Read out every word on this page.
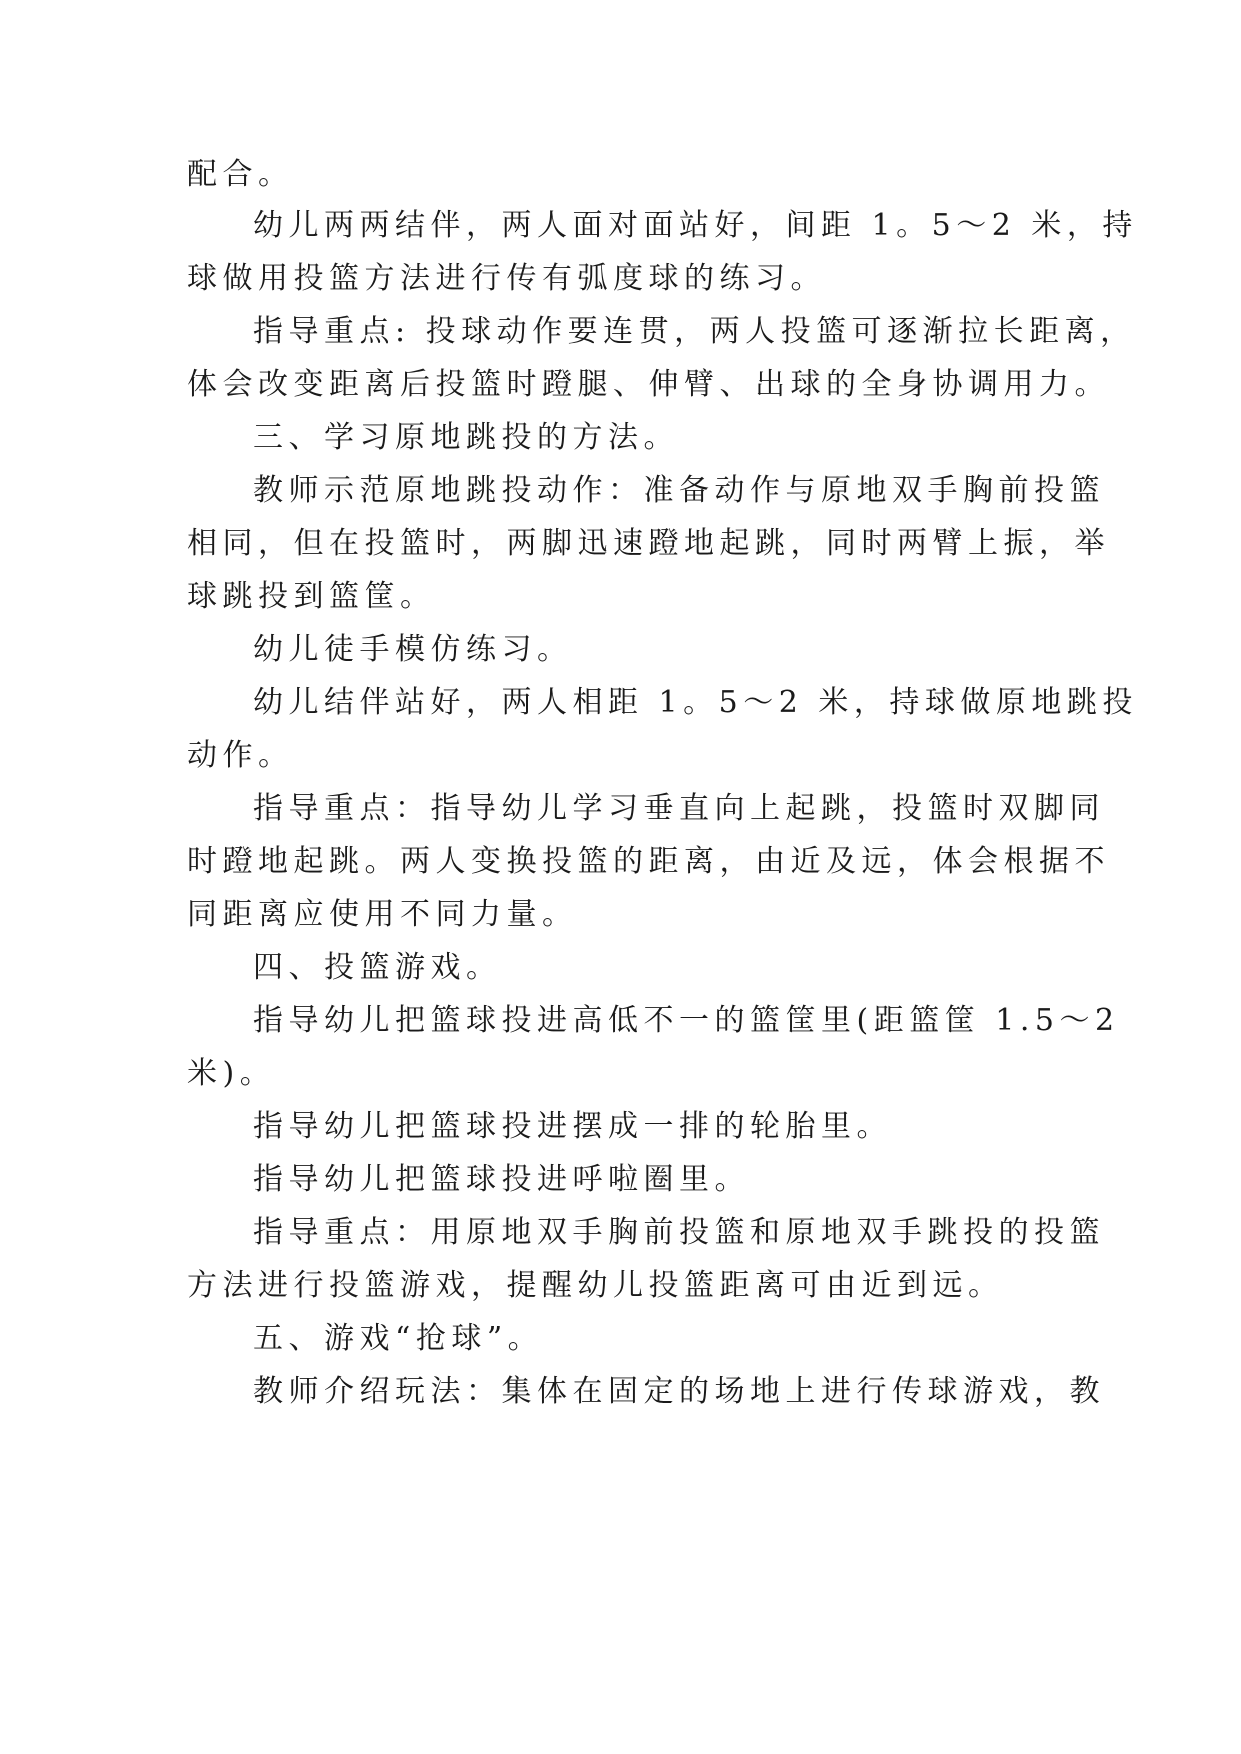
配合。
幼儿两两结伴，两人面对面站好，间距 1。5～2 米，持
球做用投篮方法进行传有弧度球的练习。
指导重点: 投球动作要连贯，两人投篮可逐渐拉长距离，
体会改变距离后投篮时蹬腿、伸臂、出球的全身协调用力。
三、学习原地跳投的方法。
教师示范原地跳投动作：准备动作与原地双手胸前投篮
相同，但在投篮时，两脚迅速蹬地起跳，同时两臂上振，举
球跳投到篮筐。
幼儿徒手模仿练习。
幼儿结伴站好，两人相距 1。5～2 米，持球做原地跳投
动作。
指导重点：指导幼儿学习垂直向上起跳，投篮时双脚同
时蹬地起跳。两人变换投篮的距离，由近及远，体会根据不
同距离应使用不同力量。
四、投篮游戏。
指导幼儿把篮球投进高低不一的篮筐里(距篮筐 1.5～2
米)。
指导幼儿把篮球投进摆成一排的轮胎里。
指导幼儿把篮球投进呼啦圈里。
指导重点：用原地双手胸前投篮和原地双手跳投的投篮
方法进行投篮游戏，提醒幼儿投篮距离可由近到远。
五、游戏“抢球”。
教师介绍玩法：集体在固定的场地上进行传球游戏，教
